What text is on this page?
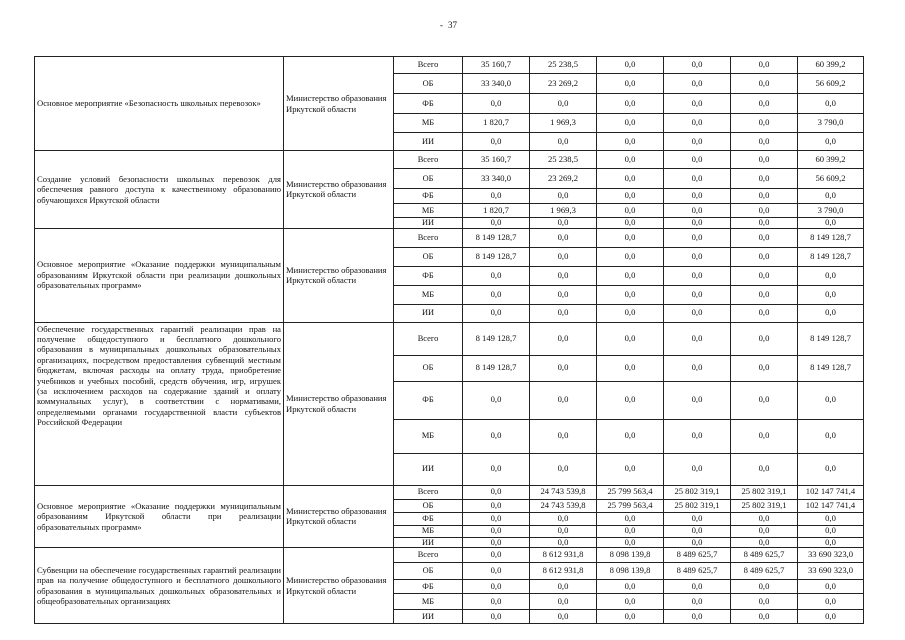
- 37
Основное мероприятие «Безопасность школьных перевозок»	Министерство образования Иркутской области	Всего	35 160,7	25 238,5	0,0	0,0	0,0	60 399,2
		ОБ	33 340,0	23 269,2	0,0	0,0	0,0	56 609,2
		ФБ	0,0	0,0	0,0	0,0	0,0	0,0
		МБ	1 820,7	1 969,3	0,0	0,0	0,0	3 790,0
		ИИ	0,0	0,0	0,0	0,0	0,0	0,0
Создание условий безопасности школьных перевозок для обеспечения равного доступа к качественному образованию обучающихся Иркутской области	Министерство образования Иркутской области	Всего	35 160,7	25 238,5	0,0	0,0	0,0	60 399,2
		ОБ	33 340,0	23 269,2	0,0	0,0	0,0	56 609,2
		ФБ	0,0	0,0	0,0	0,0	0,0	0,0
		МБ	1 820,7	1 969,3	0,0	0,0	0,0	3 790,0
		ИИ	0,0	0,0	0,0	0,0	0,0	0,0
Основное мероприятие «Оказание поддержки муниципальным образованиям Иркутской области при реализации дошкольных образовательных программ»	Министерство образования Иркутской области	Всего	8 149 128,7	0,0	0,0	0,0	0,0	8 149 128,7
		ОБ	8 149 128,7	0,0	0,0	0,0	0,0	8 149 128,7
		ФБ	0,0	0,0	0,0	0,0	0,0	0,0
		МБ	0,0	0,0	0,0	0,0	0,0	0,0
		ИИ	0,0	0,0	0,0	0,0	0,0	0,0
Обеспечение государственных гарантий реализации прав на получение общедоступного и бесплатного дошкольного образования в муниципальных дошкольных образовательных организациях, посредством предоставления субвенций местным бюджетам, включая расходы на оплату труда, приобретение учебников и учебных пособий, средств обучения, игр, игрушек (за исключением расходов на содержание зданий и оплату коммунальных услуг), в соответствии с нормативами, определяемыми органами государственной власти субъектов Российской Федерации	Министерство образования Иркутской области	Всего	8 149 128,7	0,0	0,0	0,0	0,0	8 149 128,7
		ОБ	8 149 128,7	0,0	0,0	0,0	0,0	8 149 128,7
		ФБ	0,0	0,0	0,0	0,0	0,0	0,0
		МБ	0,0	0,0	0,0	0,0	0,0	0,0
		ИИ	0,0	0,0	0,0	0,0	0,0	0,0
Основное мероприятие «Оказание поддержки муниципальным образованиям Иркутской области при реализации образовательных программ»	Министерство образования Иркутской области	Всего	0,0	24 743 539,8	25 799 563,4	25 802 319,1	25 802 319,1	102 147 741,4
		ОБ	0,0	24 743 539,8	25 799 563,4	25 802 319,1	25 802 319,1	102 147 741,4
		ФБ	0,0	0,0	0,0	0,0	0,0	0,0
		МБ	0,0	0,0	0,0	0,0	0,0	0,0
		ИИ	0,0	0,0	0,0	0,0	0,0	0,0
Субвенции на обеспечение государственных гарантий реализации прав на получение общедоступного и бесплатного дошкольного образования в муниципальных дошкольных образовательных и общеобразовательных организациях	Министерство образования Иркутской области	Всего	0,0	8 612 931,8	8 098 139,8	8 489 625,7	8 489 625,7	33 690 323,0
		ОБ	0,0	8 612 931,8	8 098 139,8	8 489 625,7	8 489 625,7	33 690 323,0
		ФБ	0,0	0,0	0,0	0,0	0,0	0,0
		МБ	0,0	0,0	0,0	0,0	0,0	0,0
		ИИ	0,0	0,0	0,0	0,0	0,0	0,0
